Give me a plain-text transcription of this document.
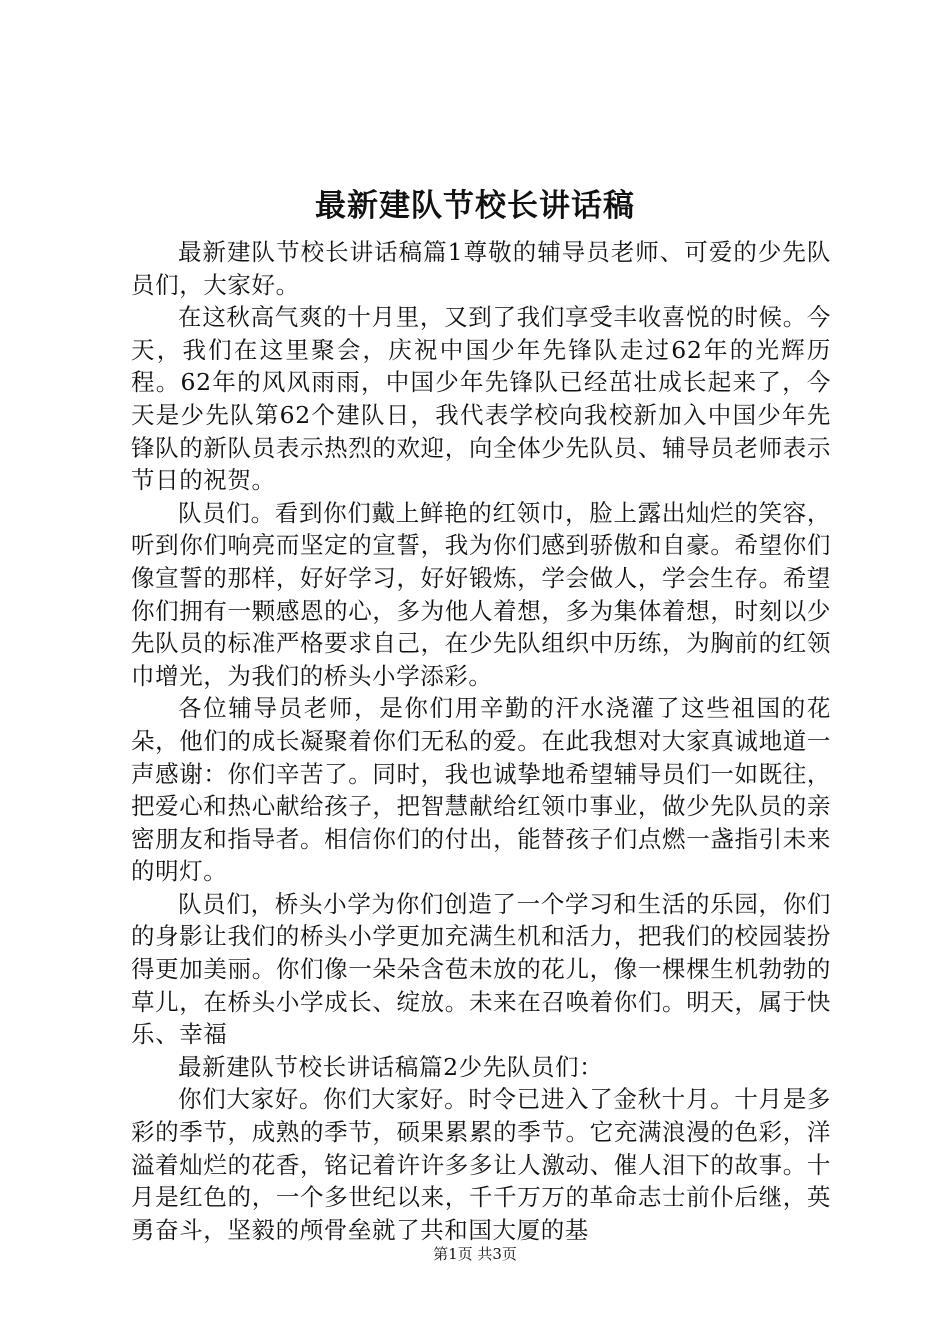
最新建队节校长讲话稿

最新建队节校长讲话稿篇1尊敬的辅导员老师、可爱的少先队员们，大家好。

在这秋高气爽的十月里，又到了我们享受丰收喜悦的时候。今天，我们在这里聚会，庆祝中国少年先锋队走过62年的光辉历程。62年的风风雨雨，中国少年先锋队已经茁壮成长起来了，今天是少先队第62个建队日，我代表学校向我校新加入中国少年先锋队的新队员表示热烈的欢迎，向全体少先队员、辅导员老师表示节日的祝贺。

队员们。看到你们戴上鲜艳的红领巾，脸上露出灿烂的笑容，听到你们响亮而坚定的宣誓，我为你们感到骄傲和自豪。希望你们像宣誓的那样，好好学习，好好锻炼，学会做人，学会生存。希望你们拥有一颗感恩的心，多为他人着想，多为集体着想，时刻以少先队员的标准严格要求自己，在少先队组织中历练，为胸前的红领巾增光，为我们的桥头小学添彩。

各位辅导员老师，是你们用辛勤的汗水浇灌了这些祖国的花朵，他们的成长凝聚着你们无私的爱。在此我想对大家真诚地道一声感谢：你们辛苦了。同时，我也诚挚地希望辅导员们一如既往，把爱心和热心献给孩子，把智慧献给红领巾事业，做少先队员的亲密朋友和指导者。相信你们的付出，能替孩子们点燃一盏指引未来的明灯。

队员们，桥头小学为你们创造了一个学习和生活的乐园，你们的身影让我们的桥头小学更加充满生机和活力，把我们的校园装扮得更加美丽。你们像一朵朵含苞未放的花儿，像一棵棵生机勃勃的草儿，在桥头小学成长、绽放。未来在召唤着你们。明天，属于快乐、幸福

最新建队节校长讲话稿篇2少先队员们：

你们大家好。你们大家好。时令已进入了金秋十月。十月是多彩的季节，成熟的季节，硕果累累的季节。它充满浪漫的色彩，洋溢着灿烂的花香，铭记着许许多多让人激动、催人泪下的故事。十月是红色的，一个多世纪以来，千千万万的革命志士前仆后继，英勇奋斗，坚毅的颅骨垒就了共和国大厦的基

第1页 共3页
